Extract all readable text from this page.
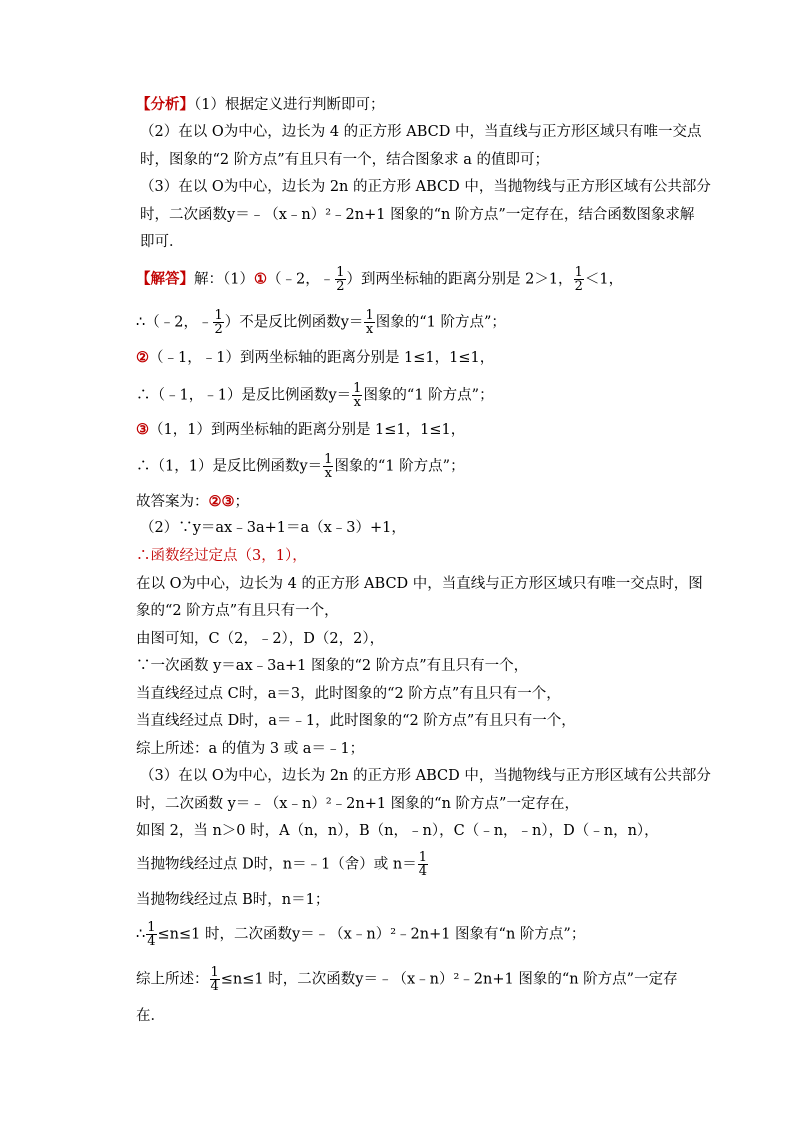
【分析】（1）根据定义进行判断即可；
（2）在以 O为中心，边长为 4 的正方形 ABCD 中，当直线与正方形区域只有唯一交点
时，图象的“2 阶方点”有且只有一个，结合图象求 a 的值即可；
（3）在以 O为中心，边长为 2n 的正方形 ABCD 中，当抛物线与正方形区域有公共部分
时，二次函数y＝﹣（x﹣n）²﹣2n+1 图象的“n 阶方点”一定存在，结合函数图象求解
即可．
【解答】解：（1）①（﹣2，﹣ $\frac{1}{2}$ ）到两坐标轴的距离分别是 2＞1， $\frac{1}{2} <1$，
∴（﹣2，﹣ $\frac{1}{2}$ ）不是反比例函数$y= \frac{1}{x}$ 图象的“1 阶方点”；
②（﹣1，﹣1）到两坐标轴的距离分别是 1≤1，1≤1，
∴（﹣1，﹣1）是反比例函数$y= \frac{1}{x}$ 图象的“1 阶方点”；
③（1，1）到两坐标轴的距离分别是 1≤1，1≤1，
∴（1，1）是反比例函数$y= \frac{1}{x}$ 图象的“1 阶方点”；
故答案为：②③；
（2）∵y＝ax﹣3a+1＝a（x﹣3）+1，
∴函数经过定点（3，1），
在以 O为中心，边长为 4 的正方形 ABCD 中，当直线与正方形区域只有唯一交点时，图
象的“2 阶方点”有且只有一个，
由图可知，C（2，﹣2），D（2，2），
∵一次函数 y＝ax﹣3a+1 图象的“2 阶方点”有且只有一个，
当直线经过点 C时，a＝3，此时图象的“2 阶方点”有且只有一个，
当直线经过点 D时，a＝﹣1，此时图象的“2 阶方点”有且只有一个，
综上所述：a 的值为 3 或 a＝﹣1；
（3）在以 O为中心，边长为 2n 的正方形 ABCD 中，当抛物线与正方形区域有公共部分
时，二次函数 y＝﹣（x﹣n）²﹣2n+1 图象的“n 阶方点”一定存在，
如图 2，当 n＞0 时，A（n，n），B（n，﹣n），C（﹣n，﹣n），D（﹣n，n），
当抛物线经过点 D时，n＝﹣1（舍）或 $n= \frac{1}{4}$
当抛物线经过点 B时，n＝1；
∴ $\frac{1}{4} \le n\le 1$ 时，二次函数y＝﹣（x﹣n）²﹣2n+1 图象有“n 阶方点”；
综上所述： $\frac{1}{4} \le n\le 1$ 时，二次函数y＝﹣（x﹣n）²﹣2n+1 图象的“n 阶方点”一定存
在．
